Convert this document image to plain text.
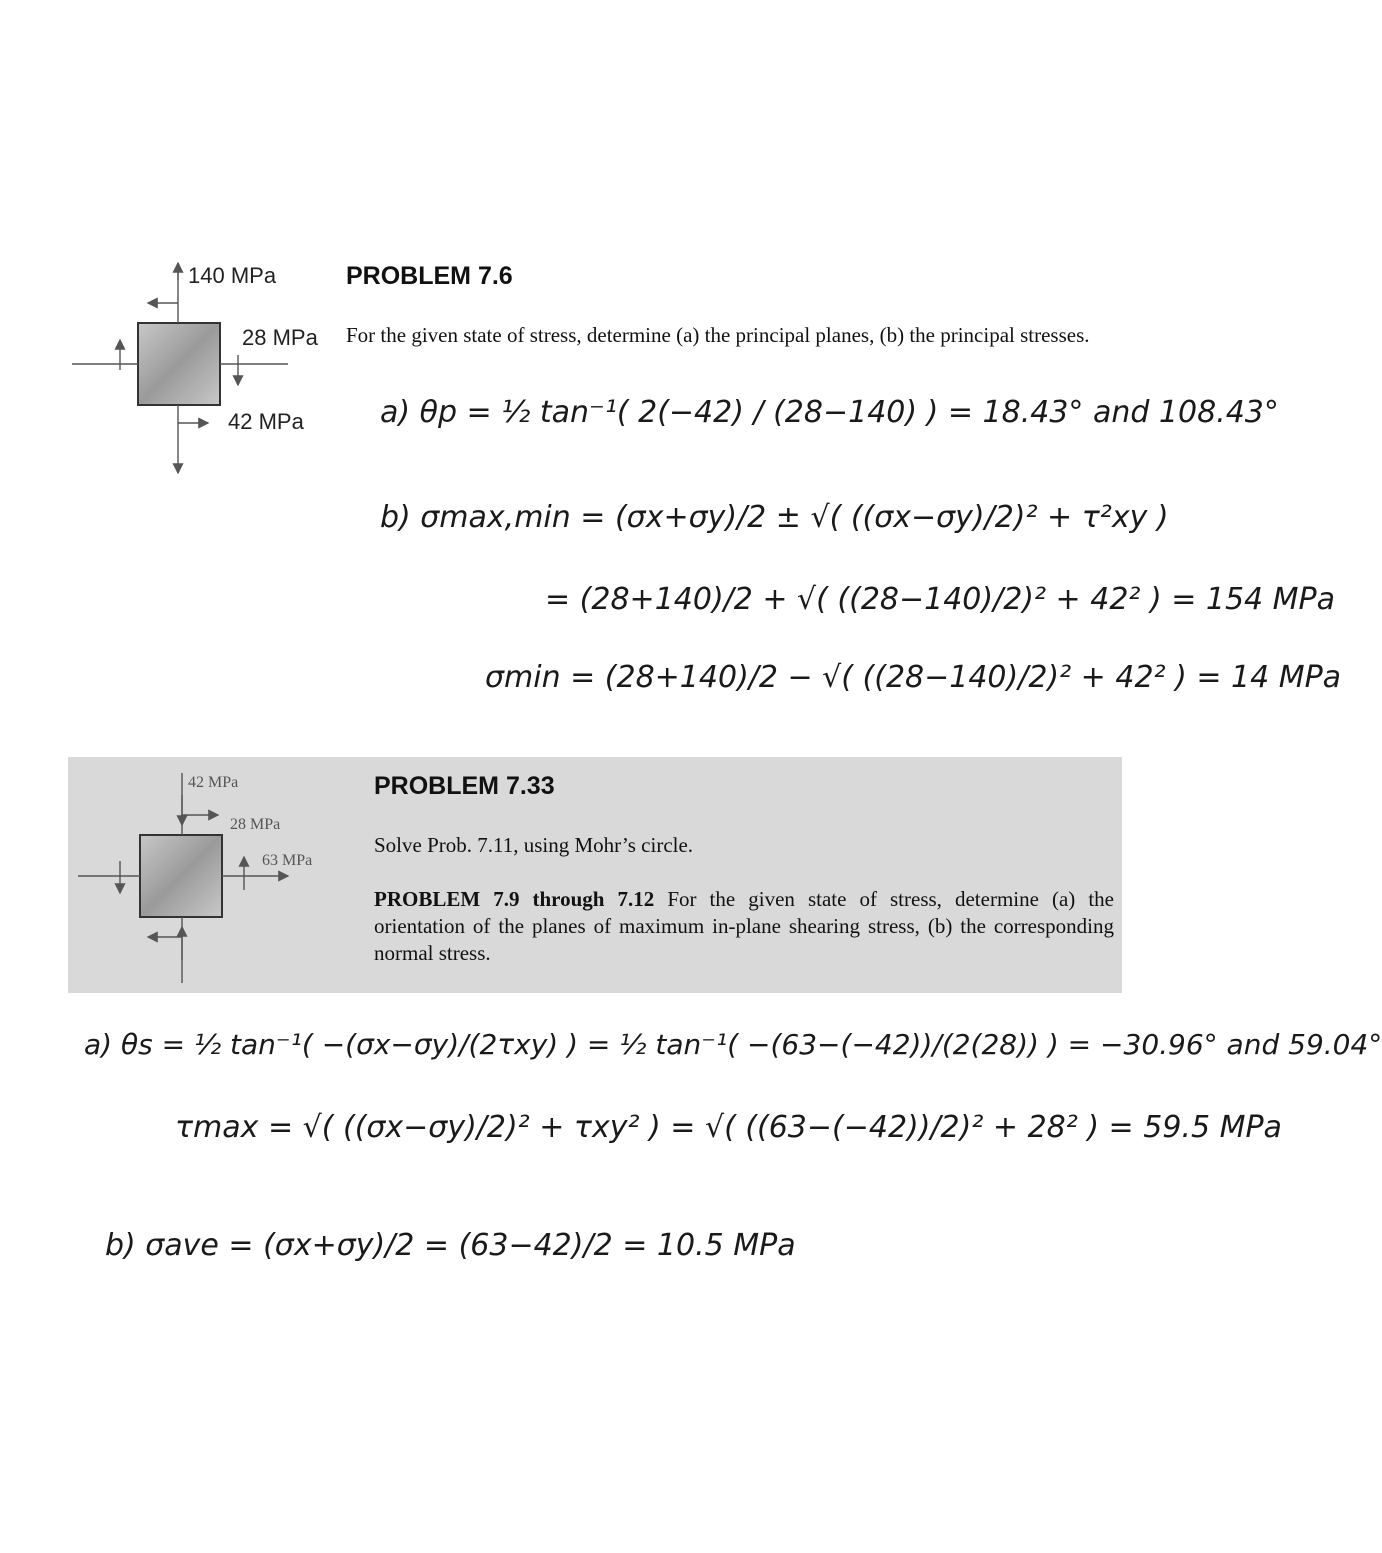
140 MPa
28 MPa
42 MPa
PROBLEM 7.6
For the given state of stress, determine (a) the principal planes, (b) the principal stresses.
a) θp = ½ tan⁻¹( 2(−42) / (28−140) ) = 18.43° and 108.43°
b) σmax,min = (σx+σy)/2 ± √( ((σx−σy)/2)² + τ²xy )
= (28+140)/2 + √( ((28−140)/2)² + 42² ) = 154 MPa
σmin = (28+140)/2 − √( ((28−140)/2)² + 42² ) = 14 MPa
42 MPa
28 MPa
63 MPa
PROBLEM 7.33
Solve Prob. 7.11, using Mohr’s circle.
PROBLEM 7.9 through 7.12 For the given state of stress, determine (a) the orientation of the planes of maximum in-plane shearing stress, (b) the corresponding normal stress.
a) θs = ½ tan⁻¹( −(σx−σy)/(2τxy) ) = ½ tan⁻¹( −(63−(−42))/(2(28)) ) = −30.96° and 59.04°
τmax = √( ((σx−σy)/2)² + τxy² ) = √( ((63−(−42))/2)² + 28² ) = 59.5 MPa
b) σave = (σx+σy)/2 = (63−42)/2 = 10.5 MPa
